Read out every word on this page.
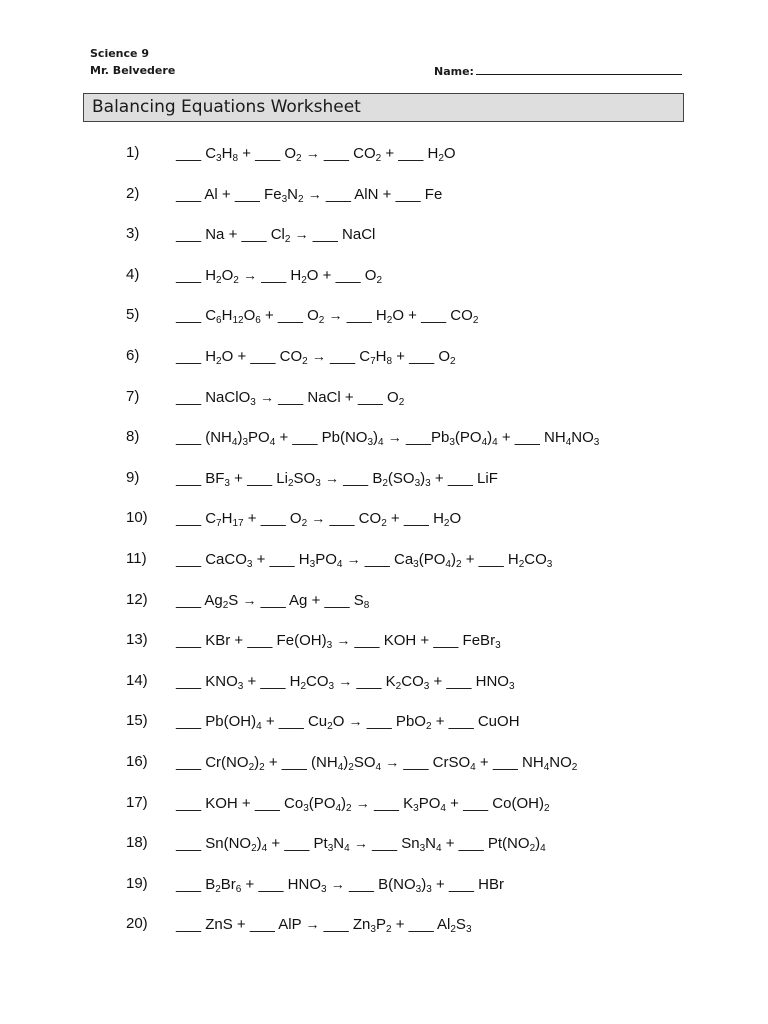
Science 9
Mr. Belvedere	Name:
Balancing Equations Worksheet
1) ___ $C_3H_8$ + ___ $O_2$ → ___ $CO_2$ + ___ $H_2O$
2) ___ Al + ___ $Fe_3N_2$ → ___ AlN + ___ Fe
3) ___ Na + ___ $Cl_2$ → ___ NaCl
4) ___ $H_2O_2$ → ___ $H_2O$ + ___ $O_2$
5) ___ $C_6H_{12}O_6$ + ___ $O_2$ → ___ $H_2O$ + ___ $CO_2$
6) ___ $H_2O$ + ___ $CO_2$ → ___ $C_7H_8$ + ___ $O_2$
7) ___ NaClO$_3$ → ___ NaCl + ___ $O_2$
8) ___ $(NH_4)_3PO_4$ + ___ $Pb(NO_3)_4$ → $\_\_\_Pb_3(PO_4)_4$ + ___ $NH_4NO_3$
9) ___ $BF_3$ + ___ $Li_2SO_3$ → ___ $B_2(SO_3)_3$ + ___ LiF
10) ___ $C_7H_{17}$ + ___ $O_2$ → ___ $CO_2$ + ___ $H_2O$
11) ___ CaCO$_3$ + ___ $H_3PO_4$ → ___ $Ca_3(PO_4)_2$ + ___ $H_2CO_3$
12) ___ $Ag_2S$ → ___ Ag + ___ $S_8$
13) ___ KBr + ___ $Fe(OH)_3$ → ___ KOH + ___ FeBr$_3$
14) ___ $KNO_3$ + ___ $H_2CO_3$ → ___ $K_2CO_3$ + ___ $HNO_3$
15) ___ $Pb(OH)_4$ + ___ $Cu_2O$ → ___ PbO$_2$ + ___ CuOH
16) ___ $Cr(NO_2)_2$ + ___ $(NH_4)_2SO_4$ → ___ CrSO$_4$ + ___ $NH_4NO_2$
17) ___ KOH + ___ $Co_3(PO_4)_2$ → ___ $K_3PO_4$ + ___ $Co(OH)_2$
18) ___ $Sn(NO_2)_4$ + ___ $Pt_3N_4$ → ___ $Sn_3N_4$ + ___ $Pt(NO_2)_4$
19) ___ $B_2Br_6$ + ___ $HNO_3$ → ___ $B(NO_3)_3$ + ___ HBr
20) ___ ZnS + ___ AlP → ___ $Zn_3P_2$ + ___ $Al_2S_3$
